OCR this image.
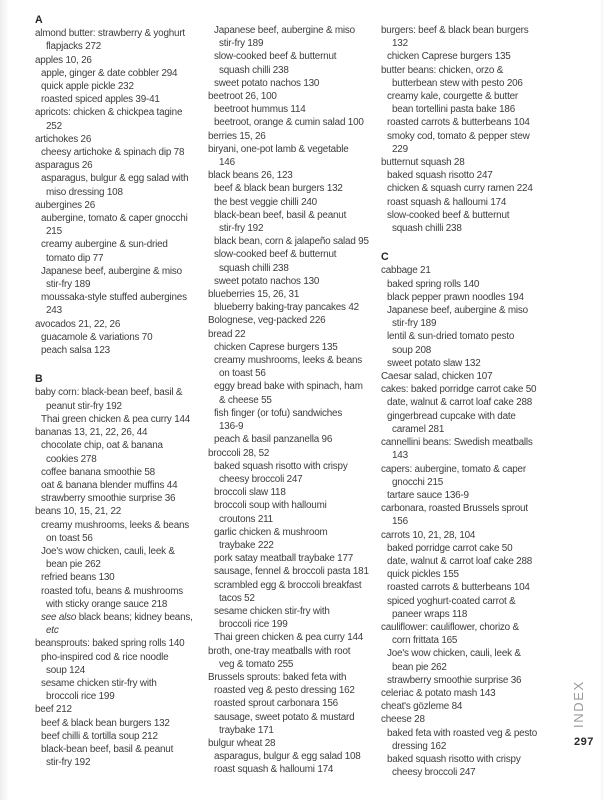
A
almond butter: strawberry & yoghurt
flapjacks 272
apples 10, 26
apple, ginger & date cobbler 294
quick apple pickle 232
roasted spiced apples 39-41
apricots: chicken & chickpea tagine
252
artichokes 26
cheesy artichoke & spinach dip 78
asparagus 26
asparagus, bulgur & egg salad with
miso dressing 108
aubergines 26
aubergine, tomato & caper gnocchi
215
creamy aubergine & sun-dried
tomato dip 77
Japanese beef, aubergine & miso
stir-fry 189
moussaka-style stuffed aubergines
243
avocados 21, 22, 26
guacamole & variations 70
peach salsa 123
B
baby corn: black-bean beef, basil &
peanut stir-fry 192
Thai green chicken & pea curry 144
bananas 13, 21, 22, 26, 44
chocolate chip, oat & banana
cookies 278
coffee banana smoothie 58
oat & banana blender muffins 44
strawberry smoothie surprise 36
beans 10, 15, 21, 22
creamy mushrooms, leeks & beans
on toast 56
Joe's wow chicken, cauli, leek &
bean pie 262
refried beans 130
roasted tofu, beans & mushrooms
with sticky orange sauce 218
see also black beans; kidney beans,
etc
beansprouts: baked spring rolls 140
pho-inspired cod & rice noodle
soup 124
sesame chicken stir-fry with
broccoli rice 199
beef 212
beef & black bean burgers 132
beef chilli & tortilla soup 212
black-bean beef, basil & peanut
stir-fry 192
Japanese beef, aubergine & miso
stir-fry 189
slow-cooked beef & butternut
squash chilli 238
sweet potato nachos 130
beetroot 26, 100
beetroot hummus 114
beetroot, orange & cumin salad 100
berries 15, 26
biryani, one-pot lamb & vegetable
146
black beans 26, 123
beef & black bean burgers 132
the best veggie chilli 240
black-bean beef, basil & peanut
stir-fry 192
black bean, corn & jalapeño salad 95
slow-cooked beef & butternut
squash chilli 238
sweet potato nachos 130
blueberries 15, 26, 31
blueberry baking-tray pancakes 42
Bolognese, veg-packed 226
bread 22
chicken Caprese burgers 135
creamy mushrooms, leeks & beans
on toast 56
eggy bread bake with spinach, ham
& cheese 55
fish finger (or tofu) sandwiches
136-9
peach & basil panzanella 96
broccoli 28, 52
baked squash risotto with crispy
cheesy broccoli 247
broccoli slaw 118
broccoli soup with halloumi
croutons 211
garlic chicken & mushroom
traybake 222
pork satay meatball traybake 177
sausage, fennel & broccoli pasta 181
scrambled egg & broccoli breakfast
tacos 52
sesame chicken stir-fry with
broccoli rice 199
Thai green chicken & pea curry 144
broth, one-tray meatballs with root
veg & tomato 255
Brussels sprouts: baked feta with
roasted veg & pesto dressing 162
roasted sprout carbonara 156
sausage, sweet potato & mustard
traybake 171
bulgur wheat 28
asparagus, bulgur & egg salad 108
roast squash & halloumi 174
burgers: beef & black bean burgers
132
chicken Caprese burgers 135
butter beans: chicken, orzo &
butterbean stew with pesto 206
creamy kale, courgette & butter
bean tortellini pasta bake 186
roasted carrots & butterbeans 104
smoky cod, tomato & pepper stew
229
butternut squash 28
baked squash risotto 247
chicken & squash curry ramen 224
roast squash & halloumi 174
slow-cooked beef & butternut
squash chilli 238
C
cabbage 21
baked spring rolls 140
black pepper prawn noodles 194
Japanese beef, aubergine & miso
stir-fry 189
lentil & sun-dried tomato pesto
soup 208
sweet potato slaw 132
Caesar salad, chicken 107
cakes: baked porridge carrot cake 50
date, walnut & carrot loaf cake 288
gingerbread cupcake with date
caramel 281
cannellini beans: Swedish meatballs
143
capers: aubergine, tomato & caper
gnocchi 215
tartare sauce 136-9
carbonara, roasted Brussels sprout
156
carrots 10, 21, 28, 104
baked porridge carrot cake 50
date, walnut & carrot loaf cake 288
quick pickles 155
roasted carrots & butterbeans 104
spiced yoghurt-coated carrot &
paneer wraps 118
cauliflower: cauliflower, chorizo &
corn frittata 165
Joe's wow chicken, cauli, leek &
bean pie 262
strawberry smoothie surprise 36
celeriac & potato mash 143
cheat's gözleme 84
cheese 28
baked feta with roasted veg & pesto
dressing 162
baked squash risotto with crispy
cheesy broccoli 247
INDEX
297
